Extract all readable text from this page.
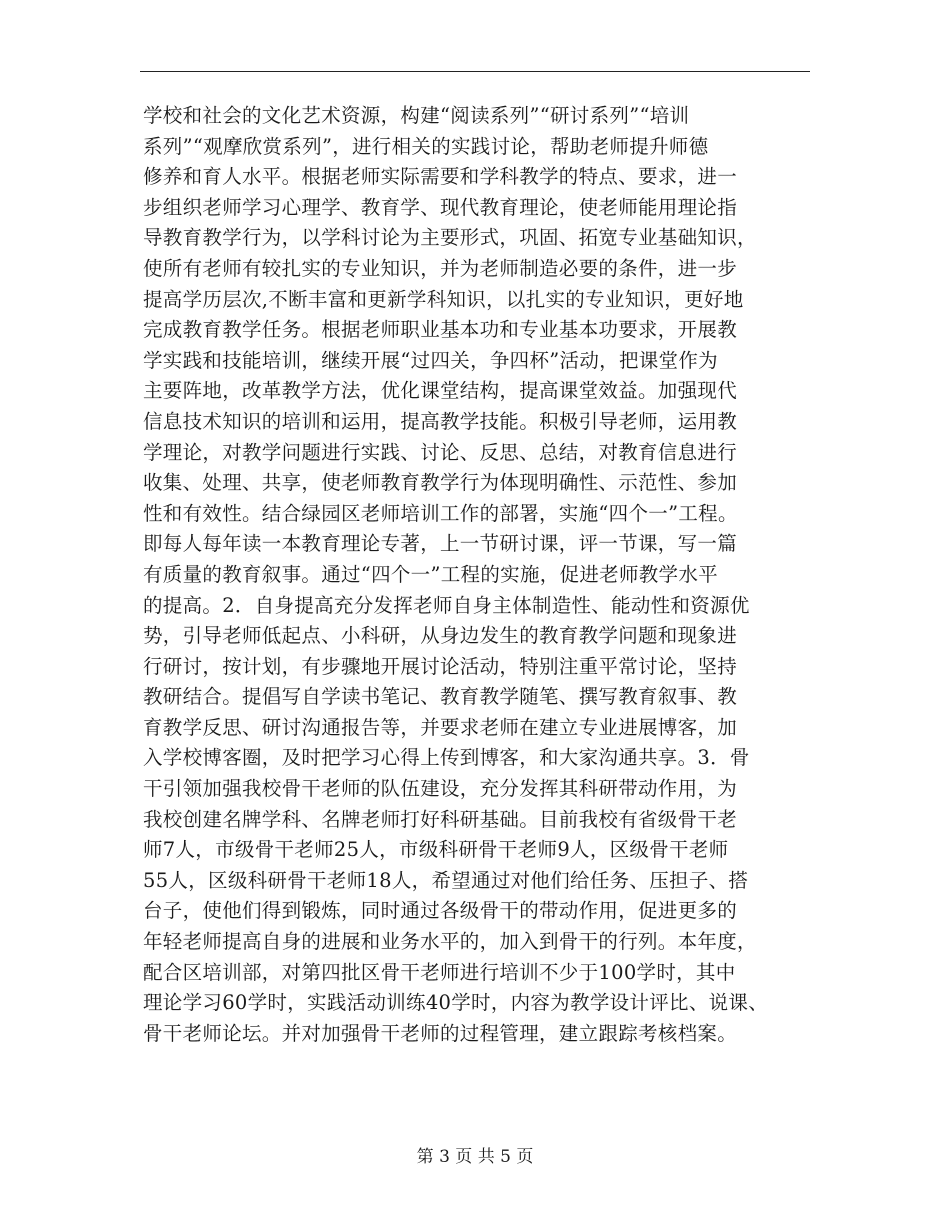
学校和社会的文化艺术资源，构建“阅读系列”“研讨系列”“培训
系列”“观摩欣赏系列”，进行相关的实践讨论，帮助老师提升师德
修养和育人水平。根据老师实际需要和学科教学的特点、要求，进一
步组织老师学习心理学、教育学、现代教育理论，使老师能用理论指
导教育教学行为，以学科讨论为主要形式，巩固、拓宽专业基础知识，
使所有老师有较扎实的专业知识，并为老师制造必要的条件，进一步
提高学历层次,不断丰富和更新学科知识，以扎实的专业知识，更好地
完成教育教学任务。根据老师职业基本功和专业基本功要求，开展教
学实践和技能培训，继续开展“过四关，争四杯”活动，把课堂作为
主要阵地，改革教学方法，优化课堂结构，提高课堂效益。加强现代
信息技术知识的培训和运用，提高教学技能。积极引导老师，运用教
学理论，对教学问题进行实践、讨论、反思、总结，对教育信息进行
收集、处理、共享，使老师教育教学行为体现明确性、示范性、参加
性和有效性。结合绿园区老师培训工作的部署，实施“四个一”工程。
即每人每年读一本教育理论专著，上一节研讨课，评一节课，写一篇
有质量的教育叙事。通过“四个一”工程的实施，促进老师教学水平
的提高。2．自身提高充分发挥老师自身主体制造性、能动性和资源优
势，引导老师低起点、小科研，从身边发生的教育教学问题和现象进
行研讨，按计划，有步骤地开展讨论活动，特别注重平常讨论，坚持
教研结合。提倡写自学读书笔记、教育教学随笔、撰写教育叙事、教
育教学反思、研讨沟通报告等，并要求老师在建立专业进展博客，加
入学校博客圈，及时把学习心得上传到博客，和大家沟通共享。3．骨
干引领加强我校骨干老师的队伍建设，充分发挥其科研带动作用，为
我校创建名牌学科、名牌老师打好科研基础。目前我校有省级骨干老
师7人，市级骨干老师25人，市级科研骨干老师9人，区级骨干老师
55人，区级科研骨干老师18人，希望通过对他们给任务、压担子、搭
台子，使他们得到锻炼，同时通过各级骨干的带动作用，促进更多的
年轻老师提高自身的进展和业务水平的，加入到骨干的行列。本年度，
配合区培训部，对第四批区骨干老师进行培训不少于100学时，其中
理论学习60学时，实践活动训练40学时，内容为教学设计评比、说课、
骨干老师论坛。并对加强骨干老师的过程管理，建立跟踪考核档案。
第 3 页 共 5 页
